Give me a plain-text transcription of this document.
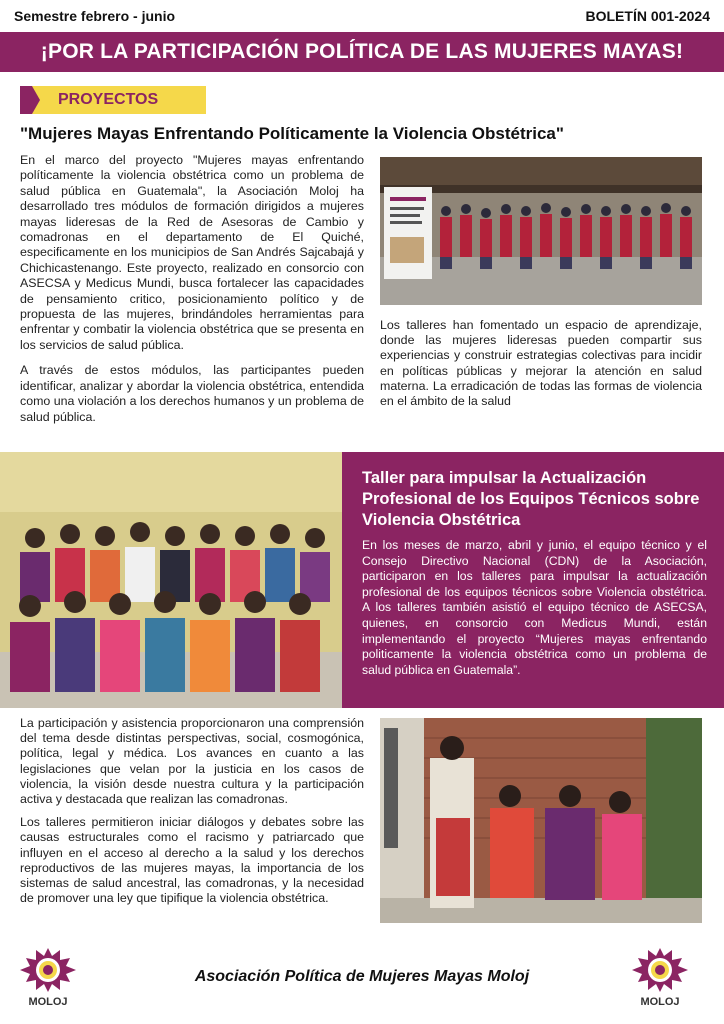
Semestre febrero - junio	BOLETÍN 001-2024
¡POR LA PARTICIPACIÓN POLÍTICA DE LAS MUJERES MAYAS!
PROYECTOS
"Mujeres Mayas Enfrentando Políticamente la Violencia Obstétrica"

En el marco del proyecto "Mujeres mayas enfrentando políticamente la violencia obstétrica como un problema de salud pública en Guatemala", la Asociación Moloj ha desarrollado tres módulos de formación dirigidos a mujeres mayas lideresas de la Red de Asesoras de Cambio y comadronas en el departamento de El Quiché, especificamente en los municipios de San Andrés Sajcabajá y Chichicastenango. Este proyecto, realizado en consorcio con ASECSA y Medicus Mundi, busca fortalecer las capacidades de pensamiento critico, posicionamiento político y de propuesta de las mujeres, brindándoles herramientas para enfrentar y combatir la violencia obstétrica que se presenta en los servicios de salud pública.

A través de estos módulos, las participantes pueden identificar, analizar y abordar la violencia obstétrica, entendida como una violación a los derechos humanos y un problema de salud pública.

Los talleres han fomentado un espacio de aprendizaje, donde las mujeres lideresas pueden compartir sus experiencias y construir estrategias colectivas para incidir en políticas públicas y mejorar la atención en salud materna. La erradicación de todas las formas de violencia en el ámbito de la salud

Taller para impulsar la Actualización Profesional de los Equipos Técnicos sobre Violencia Obstétrica
En los meses de marzo, abril y junio, el equipo técnico y el Consejo Directivo Nacional (CDN) de la Asociación, participaron en los talleres para impulsar la actualización profesional de los equipos técnicos sobre Violencia obstétrica. A los talleres también asistió el equipo técnico de ASECSA, quienes, en consorcio con Medicus Mundi, están implementando el proyecto “Mujeres mayas enfrentando politicamente la violencia obstétrica como un problema de salud pública en Guatemala”.

La participación y asistencia proporcionaron una comprensión del tema desde distintas perspectivas, social, cosmogónica, política, legal y médica. Los avances en cuanto a las legislaciones que velan por la justicia en los casos de violencia, la visión desde nuestra cultura y la participación activa y destacada que realizan las comadronas.

Los talleres permitieron iniciar diálogos y debates sobre las causas estructurales como el racismo y patriarcado que influyen en el acceso al derecho a la salud y los derechos reproductivos de las mujeres mayas, la importancia de los sistemas de salud ancestral, las comadronas, y la necesidad de promover una ley que tipifique la violencia obstétrica.

MOLOJ
Asociación Política de Mujeres Mayas Moloj
MOLOJ
